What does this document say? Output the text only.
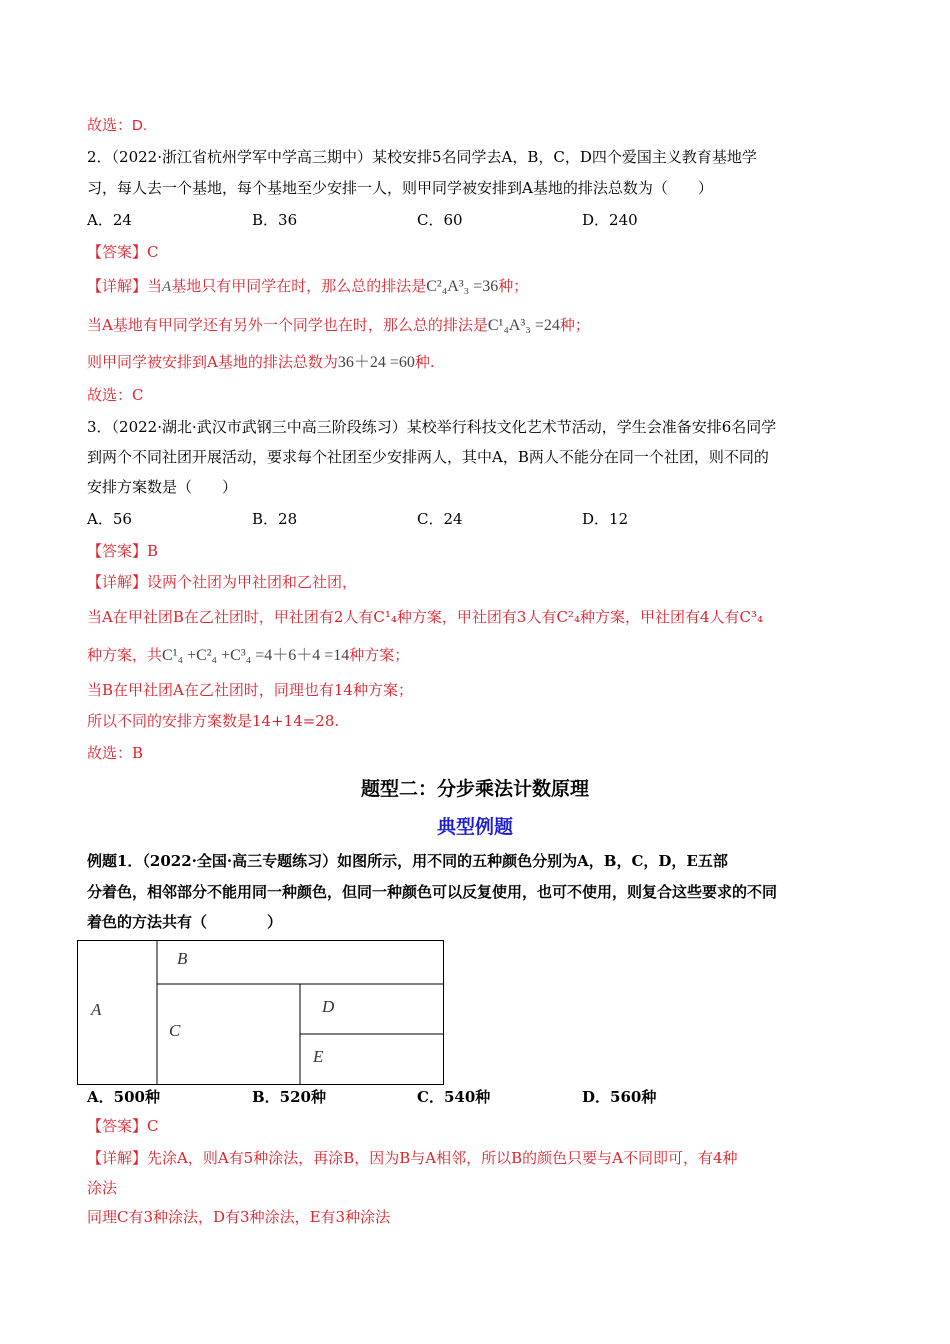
故选：D.
2．（2022·浙江省杭州学军中学高三期中）某校安排5名同学去A，B，C，D四个爱国主义教育基地学
习，每人去一个基地，每个基地至少安排一人，则甲同学被安排到A基地的排法总数为（　　）
A．24	B．36	C．60	D．240
【答案】C
【详解】当A基地只有甲同学在时，那么总的排法是C²₄A³₃ =36种；
当A基地有甲同学还有另外一个同学也在时，那么总的排法是C¹₄A³₃ =24种；
则甲同学被安排到A基地的排法总数为36＋24 =60种.
故选：C
3．（2022·湖北·武汉市武钢三中高三阶段练习）某校举行科技文化艺术节活动，学生会准备安排6名同学
到两个不同社团开展活动，要求每个社团至少安排两人，其中A，B两人不能分在同一个社团，则不同的
安排方案数是（　　）
A．56	B．28	C．24	D．12
【答案】B
【详解】设两个社团为甲社团和乙社团，
当A在甲社团B在乙社团时，甲社团有2人有C¹₄种方案，甲社团有3人有C²₄种方案，甲社团有4人有C³₄
种方案，共C¹₄ +C²₄ +C³₄ =4＋6＋4 =14种方案；
当B在甲社团A在乙社团时，同理也有14种方案；
所以不同的安排方案数是14+14=28.
故选：B
题型二：分步乘法计数原理
典型例题
例题1．（2022·全国·高三专题练习）如图所示，用不同的五种颜色分别为A，B，C，D，E五部
分着色，相邻部分不能用同一种颜色，但同一种颜色可以反复使用，也可不使用，则复合这些要求的不同
着色的方法共有（　　　　）
A
B
C
D
E
A．500种	B．520种	C．540种	D．560种
【答案】C
【详解】先涂A，则A有5种涂法，再涂B，因为B与A相邻，所以B的颜色只要与A不同即可，有4种
涂法
同理C有3种涂法，D有3种涂法，E有3种涂法
